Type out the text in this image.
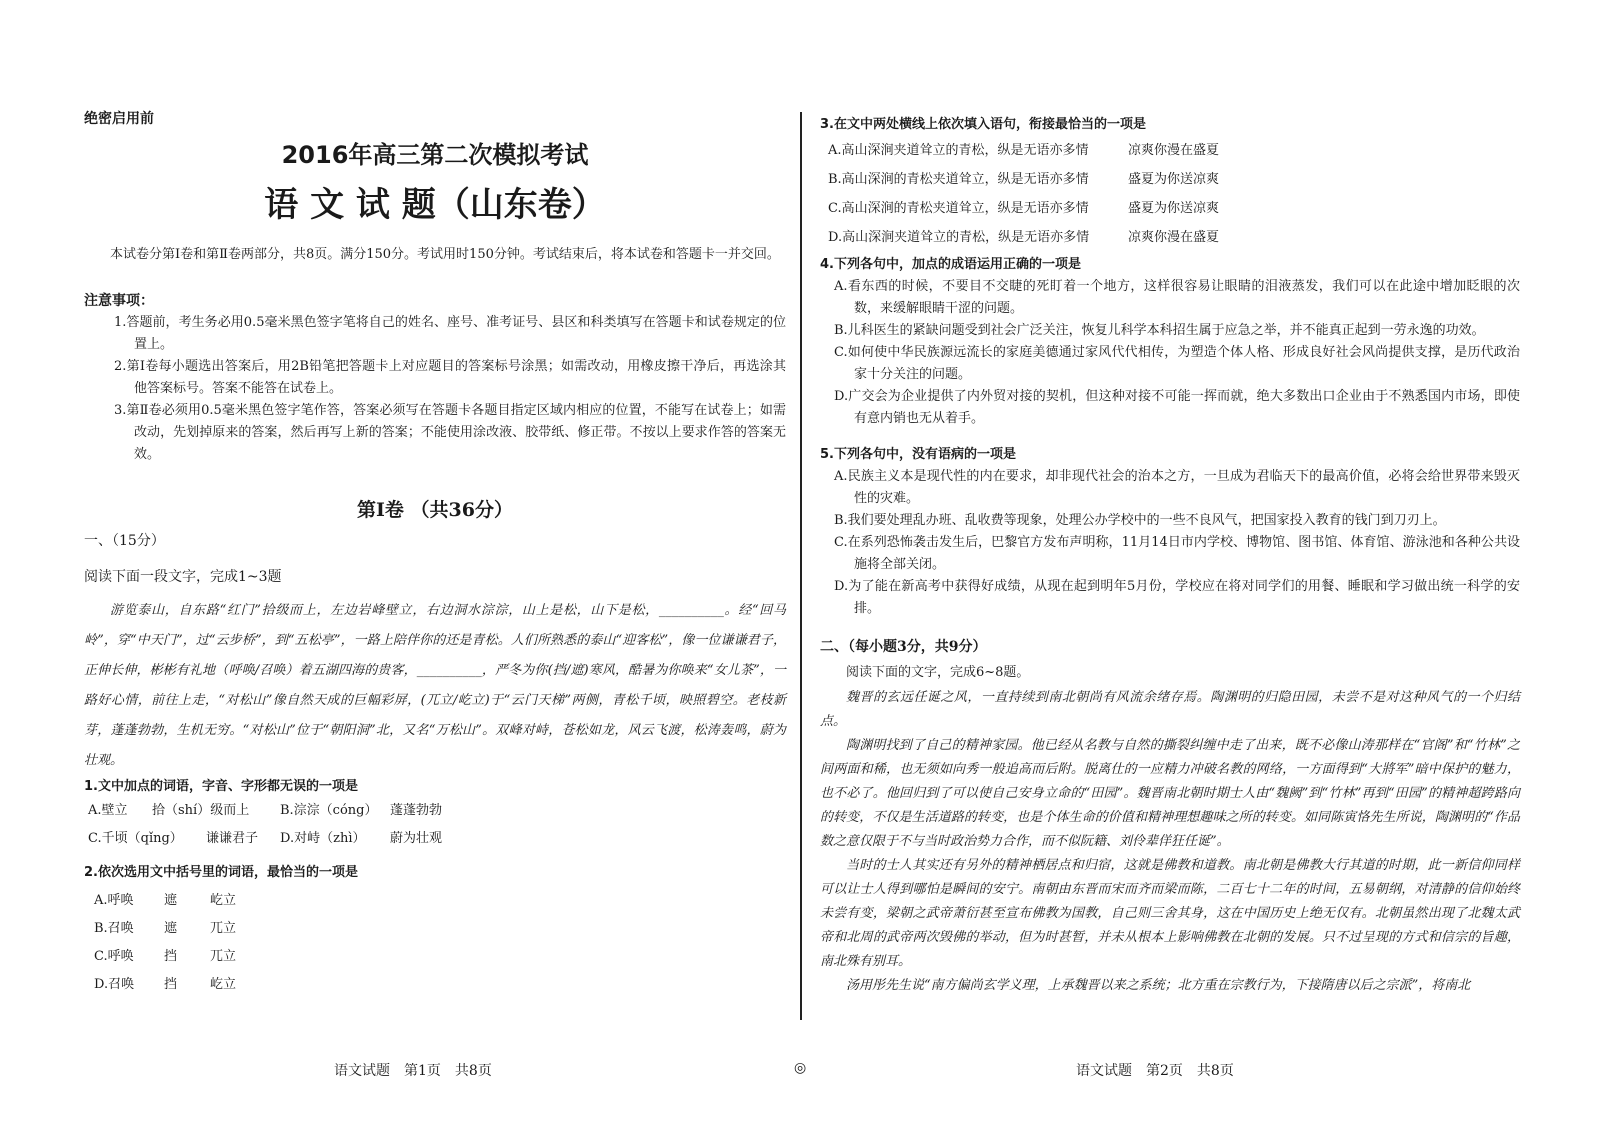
绝密启用前
2016年高三第二次模拟考试
语 文 试 题（山东卷）
本试卷分第Ⅰ卷和第Ⅱ卷两部分，共8页。满分150分。考试用时150分钟。考试结束后，将本试卷和答题卡一并交回。
注意事项：
1.答题前，考生务必用0.5毫米黑色签字笔将自己的姓名、座号、准考证号、县区和科类填写在答题卡和试卷规定的位置上。
2.第Ⅰ卷每小题选出答案后，用2B铅笔把答题卡上对应题目的答案标号涂黑；如需改动，用橡皮擦干净后，再选涂其他答案标号。答案不能答在试卷上。
3.第Ⅱ卷必须用0.5毫米黑色签字笔作答，答案必须写在答题卡各题目指定区域内相应的位置，不能写在试卷上；如需改动，先划掉原来的答案，然后再写上新的答案；不能使用涂改液、胶带纸、修正带。不按以上要求作答的答案无效。
第Ⅰ卷 （共36分）
一、（15分）
阅读下面一段文字，完成1~3题
游览泰山，自东路“红门”拾级而上，左边岩峰壁立，右边洞水淙淙，山上是松，山下是松，__________。经“回马岭”，穿“中天门”，过“云步桥”，到“五松亭”，一路上陪伴你的还是青松。人们所熟悉的泰山“迎客松”，像一位谦谦君子，正伸长伸，彬彬有礼地（呼唤/召唤）着五湖四海的贵客，__________，严冬为你(挡/遮)寒风，酷暑为你唤来“女儿茶”，一路好心情，前往上走，“对松山”像自然天成的巨幅彩屏，(兀立/屹立)于“云门天梯”两侧，青松千顷，映照碧空。老枝新芽，蓬蓬勃勃，生机无穷。“对松山”位于“朝阳洞”北，又名“万松山”。双峰对峙，苍松如龙，风云飞渡，松涛轰鸣，蔚为壮观。
1.文中加点的词语，字音、字形都无误的一项是
A.壁立 拾（shí）级而上 B.淙淙（cóng） 蓬蓬勃勃
C.千顷（qǐng） 谦谦君子 D.对峙（zhì） 蔚为壮观
2.依次选用文中括号里的词语，最恰当的一项是
A.呼唤 遮	屹立
B.召唤 遮	兀立
C.呼唤 挡	兀立
D.召唤 挡	屹立
语文试题　第1页　共8页	◎
3.在文中两处横线上依次填入语句，衔接最恰当的一项是
A.高山深涧夹道耸立的青松，纵是无语亦多情	凉爽你漫在盛夏
B.高山深涧的青松夹道耸立，纵是无语亦多情	盛夏为你送凉爽
C.高山深涧的青松夹道耸立，纵是无语亦多情	盛夏为你送凉爽
D.高山深涧夹道耸立的青松，纵是无语亦多情	凉爽你漫在盛夏
4.下列各句中，加点的成语运用正确的一项是
A.看东西的时候，不要目不交睫的死盯着一个地方，这样很容易让眼睛的泪液蒸发，我们可以在此途中增加眨眼的次数，来缓解眼睛干涩的问题。
B.儿科医生的紧缺问题受到社会广泛关注，恢复儿科学本科招生属于应急之举，并不能真正起到一劳永逸的功效。
C.如何使中华民族源远流长的家庭美德通过家风代代相传，为塑造个体人格、形成良好社会风尚提供支撑，是历代政治家十分关注的问题。
D.广交会为企业提供了内外贸对接的契机，但这种对接不可能一挥而就，绝大多数出口企业由于不熟悉国内市场，即使有意内销也无从着手。
5.下列各句中，没有语病的一项是
A.民族主义本是现代性的内在要求，却非现代社会的治本之方，一旦成为君临天下的最高价值，必将会给世界带来毁灭性的灾难。
B.我们要处理乱办班、乱收费等现象，处理公办学校中的一些不良风气，把国家投入教育的钱门到刀刃上。
C.在系列恐怖袭击发生后，巴黎官方发布声明称，11月14日市内学校、博物馆、图书馆、体育馆、游泳池和各种公共设施将全部关闭。
D.为了能在新高考中获得好成绩，从现在起到明年5月份，学校应在将对同学们的用餐、睡眠和学习做出统一科学的安排。
二、（每小题3分，共9分）
阅读下面的文字，完成6~8题。
魏晋的玄远任诞之风，一直持续到南北朝尚有风流余绪存焉。陶渊明的归隐田园，未尝不是对这种风气的一个归结点。
陶渊明找到了自己的精神家园。他已经从名教与自然的撕裂纠缠中走了出来，既不必像山涛那样在“官阁”和“竹林”之间两面和稀，也无须如向秀一般追高而后附。脱离仕的一应精力冲破名教的网络，一方面得到“大將军”暗中保护的魅力，也不必了。他回归到了可以使自己安身立命的“田园”。魏晋南北朝时期士人由“魏阙”到“竹林”再到“田园”的精神超跨路向的转变，不仅是生活道路的转变，也是个体生命的价值和精神理想趣味之所的转变。如同陈寅恪先生所说，陶渊明的“作品数之意仅限于不与当时政治势力合作，而不似阮籍、刘伶辈佯狂任诞”。
当时的士人其实还有另外的精神栖居点和归宿，这就是佛教和道教。南北朝是佛教大行其道的时期，此一新信仰同样可以让士人得到哪怕是瞬间的安宁。南朝由东晋而宋而齐而梁而陈，二百七十二年的时间，五易朝纲，对清静的信仰始终未尝有变，梁朝之武帝萧衍甚至宣布佛教为国教，自己则三舍其身，这在中国历史上绝无仅有。北朝虽然出现了北魏太武帝和北周的武帝两次毁佛的举动，但为时甚暂，并未从根本上影响佛教在北朝的发展。只不过呈现的方式和信宗的旨趣，南北殊有别耳。
汤用彤先生说“南方偏尚玄学义理，上承魏晋以来之系统；北方重在宗教行为，下接隋唐以后之宗派”，将南北
语文试题　第2页　共8页
